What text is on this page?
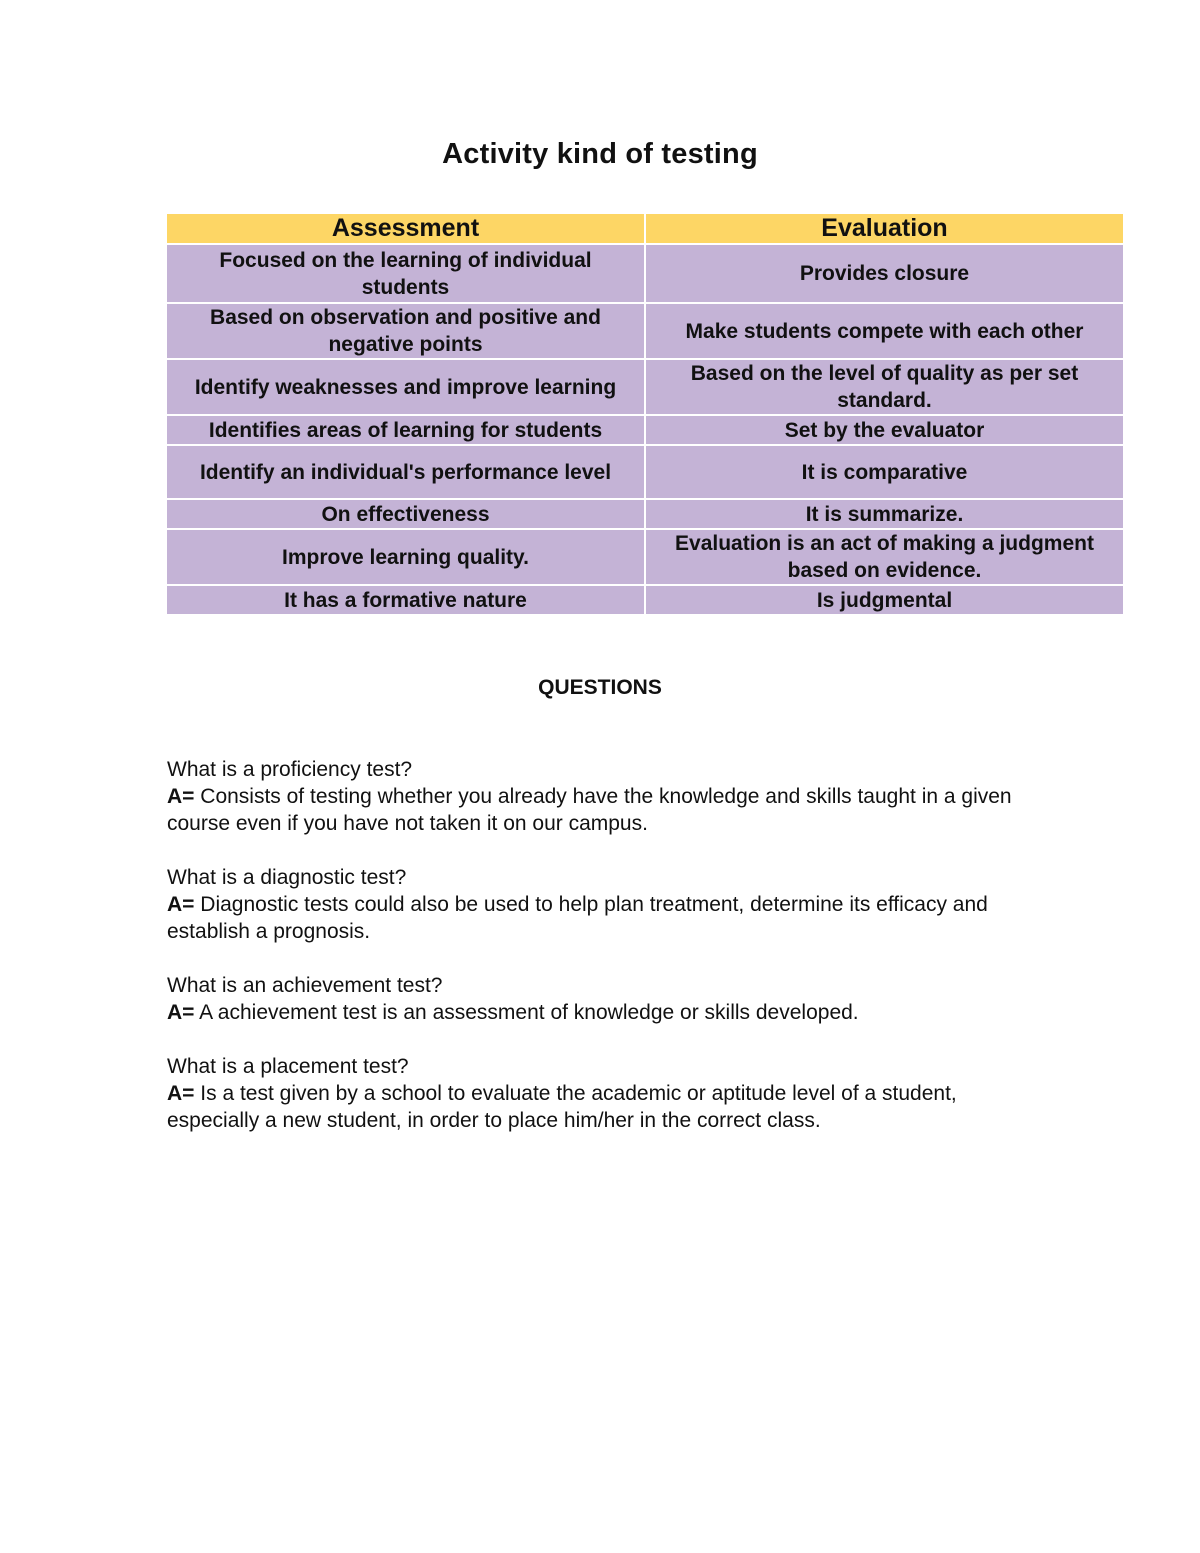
Activity kind of testing
Assessment	Evaluation
Focused on the learning of individual students	Provides closure
Based on observation and positive and negative points	Make students compete with each other
Identify weaknesses and improve learning	Based on the level of quality as per set standard.
Identifies areas of learning for students	Set by the evaluator
Identify an individual's performance level	It is comparative
On effectiveness	It is summarize.
Improve learning quality.	Evaluation is an act of making a judgment based on evidence.
It has a formative nature	Is judgmental
QUESTIONS

What is a proficiency test?

A= Consists of testing whether you already have the knowledge and skills taught in a given course even if you have not taken it on our campus.

What is a diagnostic test?

A= Diagnostic tests could also be used to help plan treatment, determine its efficacy and establish a prognosis.

What is an achievement test?

A= A achievement test is an assessment of knowledge or skills developed.

What is a placement test?

A= Is a test given by a school to evaluate the academic or aptitude level of a student, especially a new student, in order to place him/her in the correct class.
